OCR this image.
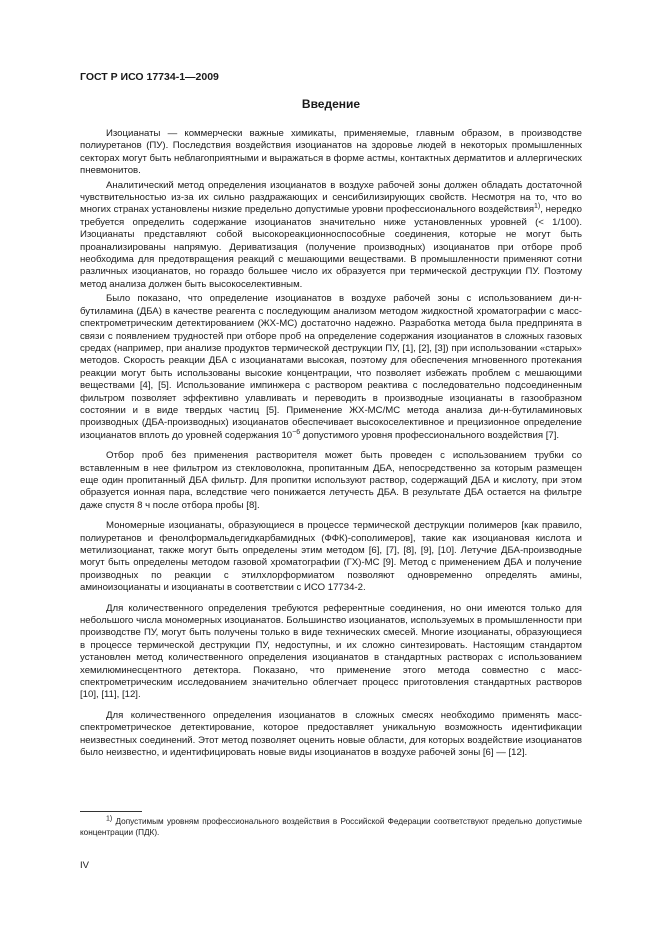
ГОСТ Р ИСО 17734-1—2009
Введение

Изоцианаты — коммерчески важные химикаты, применяемые, главным образом, в производстве полиуретанов (ПУ). Последствия воздействия изоцианатов на здоровье людей в некоторых промышленных секторах могут быть неблагоприятными и выражаться в форме астмы, контактных дерматитов и аллергических пневмонитов.

Аналитический метод определения изоцианатов в воздухе рабочей зоны должен обладать достаточной чувствительностью из-за их сильно раздражающих и сенсибилизирующих свойств. Несмотря на то, что во многих странах установлены низкие предельно допустимые уровни профессионального воздействия$^{1)}$, нередко требуется определить содержание изоцианатов значительно ниже установленных уровней (< 1/100). Изоцианаты представляют собой высокореакционноспособные соединения, которые не могут быть проанализированы напрямую. Дериватизация (получение производных) изоцианатов при отборе проб необходима для предотвращения реакций с мешающими веществами. В промышленности применяют сотни различных изоцианатов, но гораздо большее число их образуется при термической деструкции ПУ. Поэтому метод анализа должен быть высокоселективным.

Было показано, что определение изоцианатов в воздухе рабочей зоны с использованием ди-н-бутиламина (ДБА) в качестве реагента с последующим анализом методом жидкостной хроматографии с масс-спектрометрическим детектированием (ЖХ-МС) достаточно надежно. Разработка метода была предпринята в связи с появлением трудностей при отборе проб на определение содержания изоцианатов в сложных газовых средах (например, при анализе продуктов термической деструкции ПУ, [1], [2], [3]) при использовании «старых» методов. Скорость реакции ДБА с изоцианатами высокая, поэтому для обеспечения мгновенного протекания реакции могут быть использованы высокие концентрации, что позволяет избежать проблем с мешающими веществами [4], [5]. Использование импинжера с раствором реактива с последовательно подсоединенным фильтром позволяет эффективно улавливать и переводить в производные изоцианаты в газообразном состоянии и в виде твердых частиц [5]. Применение ЖХ-МС/МС метода анализа ди-н-бутиламиновых производных (ДБА-производных) изоцианатов обеспечивает высокоселективное и прецизионное определение изоцианатов вплоть до уровней содержания $10^{-6}$ допустимого уровня профессионального воздействия [7].

Отбор проб без применения растворителя может быть проведен с использованием трубки со вставленным в нее фильтром из стекловолокна, пропитанным ДБА, непосредственно за которым размещен еще один пропитанный ДБА фильтр. Для пропитки используют раствор, содержащий ДБА и кислоту, при этом образуется ионная пара, вследствие чего понижается летучесть ДБА. В результате ДБА остается на фильтре даже спустя 8 ч после отбора пробы [8].

Мономерные изоцианаты, образующиеся в процессе термической деструкции полимеров [как правило, полиуретанов и фенолформальдегидкарбамидных (ФФК)-сополимеров], такие как изоциановая кислота и метилизоцианат, также могут быть определены этим методом [6], [7], [8], [9], [10]. Летучие ДБА-производные могут быть определены методом газовой хроматографии (ГХ)-МС [9]. Метод с применением ДБА и получение производных по реакции с этилхлорформиатом позволяют одновременно определять амины, аминоизоцианаты и изоцианаты в соответствии с ИСО 17734-2.

Для количественного определения требуются референтные соединения, но они имеются только для небольшого числа мономерных изоцианатов. Большинство изоцианатов, используемых в промышленности при производстве ПУ, могут быть получены только в виде технических смесей. Многие изоцианаты, образующиеся в процессе термической деструкции ПУ, недоступны, и их сложно синтезировать. Настоящим стандартом установлен метод количественного определения изоцианатов в стандартных растворах с использованием хемилюминесцентного детектора. Показано, что применение этого метода совместно с масс-спектрометрическим исследованием значительно облегчает процесс приготовления стандартных растворов [10], [11], [12].

Для количественного определения изоцианатов в сложных смесях необходимо применять масс-спектрометрическое детектирование, которое предоставляет уникальную возможность идентификации неизвестных соединений. Этот метод позволяет оценить новые области, для которых воздействие изоцианатов было неизвестно, и идентифицировать новые виды изоцианатов в воздухе рабочей зоны [6] — [12].

$^{1)}$ Допустимым уровням профессионального воздействия в Российской Федерации соответствуют предельно допустимые концентрации (ПДК).
IV
